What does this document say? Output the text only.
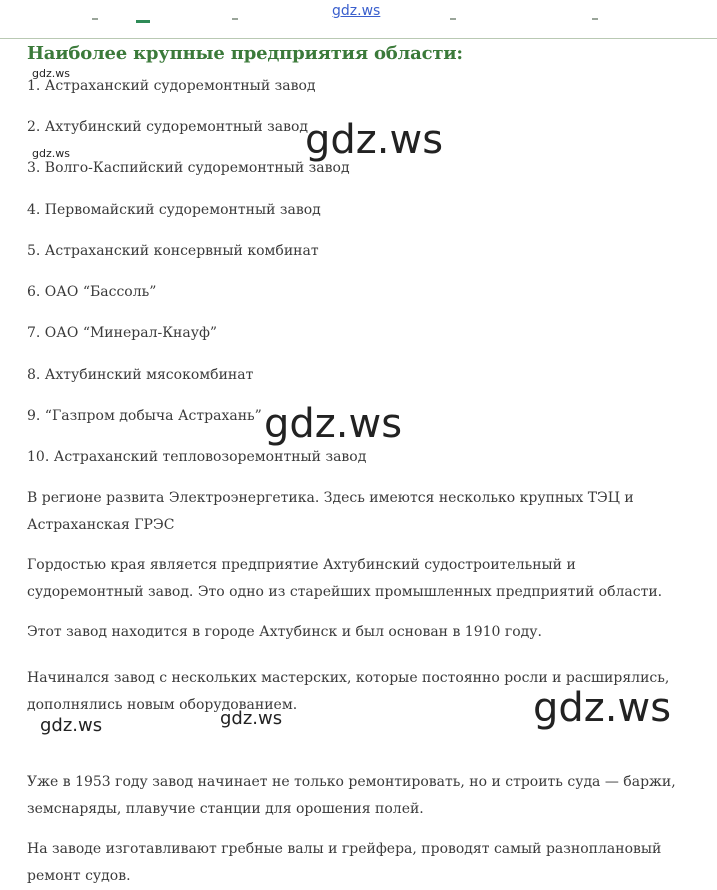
gdz.ws
Наиболее крупные предприятия области:
1. Астраханский судоремонтный завод
2. Ахтубинский судоремонтный завод
3. Волго-Каспийский судоремонтный завод
4. Первомайский судоремонтный завод
5. Астраханский консервный комбинат
6. ОАО “Бассоль”
7. ОАО “Минерал-Кнауф”
8. Ахтубинский мясокомбинат
9. “Газпром добыча Астрахань”
10. Астраханский тепловозоремонтный завод

В регионе развита Электроэнергетика. Здесь имеются несколько крупных ТЭЦ и Астраханская ГРЭС

Гордостью края является предприятие Ахтубинский судостроительный и судоремонтный завод. Это одно из старейших промышленных предприятий области.

Этот завод находится в городе Ахтубинск и был основан в 1910 году.

Начинался завод с нескольких мастерских, которые постоянно росли и расширялись, дополнялись новым оборудованием.

Уже в 1953 году завод начинает не только ремонтировать, но и строить суда — баржи, земснаряды, плавучие станции для орошения полей.

На заводе изготавливают гребные валы и грейфера, проводят самый разноплановый ремонт судов.

gdz.ws
gdz.ws	gdz.ws
gdz.ws
gdz.ws
gdz.ws	gdz.ws
